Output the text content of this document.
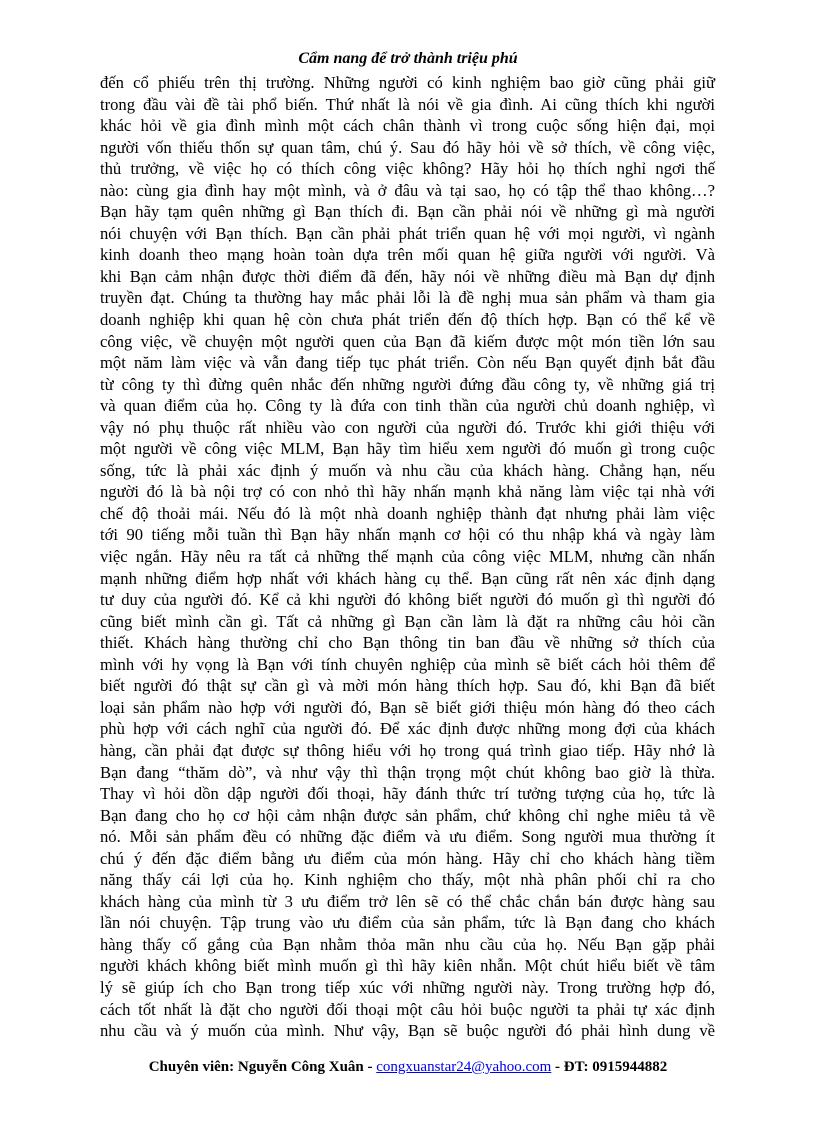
Cẩm nang để trở thành triệu phú
đến cổ phiếu trên thị trường. Những người có kinh nghiệm bao giờ cũng phải giữ
trong đầu vài đề tài phổ biến. Thứ nhất là nói về gia đình. Ai cũng thích khi người
khác hỏi về gia đình mình một cách chân thành vì trong cuộc sống hiện đại, mọi
người vốn thiếu thốn sự quan tâm, chú ý. Sau đó hãy hỏi về sở thích, về công việc,
thủ trưởng, về việc họ có thích công việc không? Hãy hỏi họ thích nghỉ ngơi thế
nào: cùng gia đình hay một mình, và ở đâu và tại sao, họ có tập thể thao không…?
Bạn hãy tạm quên những gì Bạn thích đi. Bạn cần phải nói về những gì mà người
nói chuyện với Bạn thích. Bạn cần phải phát triển quan hệ với mọi người, vì ngành
kinh doanh theo mạng hoàn toàn dựa trên mối quan hệ giữa người với người. Và
khi Bạn cảm nhận được thời điểm đã đến, hãy nói về những điều mà Bạn dự định
truyền đạt. Chúng ta thường hay mắc phải lỗi là đề nghị mua sản phẩm và tham gia
doanh nghiệp khi quan hệ còn chưa phát triển đến độ thích hợp. Bạn có thể kể về
công việc, về chuyện một người quen của Bạn đã kiếm được một món tiền lớn sau
một năm làm việc và vẫn đang tiếp tục phát triển. Còn nếu Bạn quyết định bắt đầu
từ công ty thì đừng quên nhắc đến những người đứng đầu công ty, về những giá trị
và quan điểm của họ. Công ty là đứa con tinh thần của người chủ doanh nghiệp, vì
vậy nó phụ thuộc rất nhiều vào con người của người đó. Trước khi giới thiệu với
một người về công việc MLM, Bạn hãy tìm hiểu xem người đó muốn gì trong cuộc
sống, tức là phải xác định ý muốn và nhu cầu của khách hàng. Chẳng hạn, nếu
người đó là bà nội trợ có con nhỏ thì hãy nhấn mạnh khả năng làm việc tại nhà với
chế độ thoải mái. Nếu đó là một nhà doanh nghiệp thành đạt nhưng phải làm việc
tới 90 tiếng mỗi tuần thì Bạn hãy nhấn mạnh cơ hội có thu nhập khá và ngày làm
việc ngắn. Hãy nêu ra tất cả những thế mạnh của công việc MLM, nhưng cần nhấn
mạnh những điểm hợp nhất với khách hàng cụ thể. Bạn cũng rất nên xác định dạng
tư duy của người đó. Kể cả khi người đó không biết người đó muốn gì thì người đó
cũng biết mình cần gì. Tất cả những gì Bạn cần làm là đặt ra những câu hỏi cần
thiết. Khách hàng thường chỉ cho Bạn thông tin ban đầu về những sở thích của
mình với hy vọng là Bạn với tính chuyên nghiệp của mình sẽ biết cách hỏi thêm để
biết người đó thật sự cần gì và mời món hàng thích hợp. Sau đó, khi Bạn đã biết
loại sản phẩm nào hợp với người đó, Bạn sẽ biết giới thiệu món hàng đó theo cách
phù hợp với cách nghĩ của người đó. Để xác định được những mong đợi của khách
hàng, cần phải đạt được sự thông hiểu với họ trong quá trình giao tiếp. Hãy nhớ là
Bạn đang “thăm dò”, và như vậy thì thận trọng một chút không bao giờ là thừa.
Thay vì hỏi dồn dập người đối thoại, hãy đánh thức trí tưởng tượng của họ, tức là
Bạn đang cho họ cơ hội cảm nhận được sản phẩm, chứ không chỉ nghe miêu tả về
nó. Mỗi sản phẩm đều có những đặc điểm và ưu điểm. Song người mua thường ít
chú ý đến đặc điểm bằng ưu điểm của món hàng. Hãy chỉ cho khách hàng tiềm
năng thấy cái lợi của họ. Kinh nghiệm cho thấy, một nhà phân phối chỉ ra cho
khách hàng của mình từ 3 ưu điểm trở lên sẽ có thể chắc chắn bán được hàng sau
lần nói chuyện. Tập trung vào ưu điểm của sản phẩm, tức là Bạn đang cho khách
hàng thấy cố gắng của Bạn nhằm thỏa mãn nhu cầu của họ. Nếu Bạn gặp phải
người khách không biết mình muốn gì thì hãy kiên nhẫn. Một chút hiểu biết về tâm
lý sẽ giúp ích cho Bạn trong tiếp xúc với những người này. Trong trường hợp đó,
cách tốt nhất là đặt cho người đối thoại một câu hỏi buộc người ta phải tự xác định
nhu cầu và ý muốn của mình. Như vậy, Bạn sẽ buộc người đó phải hình dung về
Chuyên viên: Nguyễn Công Xuân - congxuanstar24@yahoo.com - ĐT: 0915944882
